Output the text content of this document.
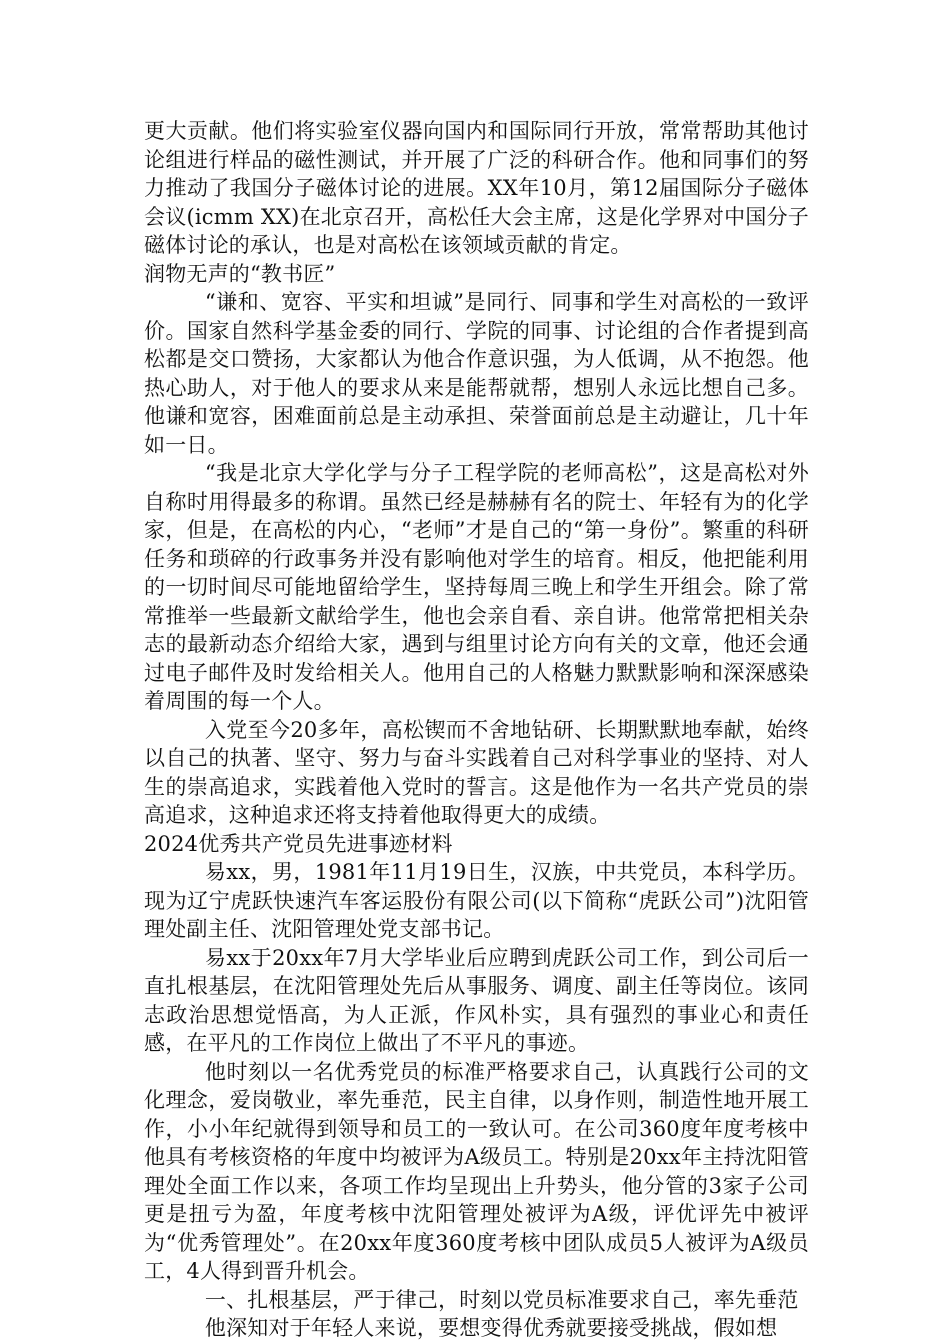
更大贡献。他们将实验室仪器向国内和国际同行开放，常常帮助其他讨论组进行样品的磁性测试，并开展了广泛的科研合作。他和同事们的努力推动了我国分子磁体讨论的进展。XX年10月，第12届国际分子磁体会议(icmm XX)在北京召开，高松任大会主席，这是化学界对中国分子磁体讨论的承认，也是对高松在该领域贡献的肯定。

润物无声的“教书匠”

“谦和、宽容、平实和坦诚”是同行、同事和学生对高松的一致评价。国家自然科学基金委的同行、学院的同事、讨论组的合作者提到高松都是交口赞扬，大家都认为他合作意识强，为人低调，从不抱怨。他热心助人，对于他人的要求从来是能帮就帮，想别人永远比想自己多。他谦和宽容，困难面前总是主动承担、荣誉面前总是主动避让，几十年如一日。

“我是北京大学化学与分子工程学院的老师高松”，这是高松对外自称时用得最多的称谓。虽然已经是赫赫有名的院士、年轻有为的化学家，但是，在高松的内心，“老师”才是自己的“第一身份”。繁重的科研任务和琐碎的行政事务并没有影响他对学生的培育。相反，他把能利用的一切时间尽可能地留给学生，坚持每周三晚上和学生开组会。除了常常推举一些最新文献给学生，他也会亲自看、亲自讲。他常常把相关杂志的最新动态介绍给大家，遇到与组里讨论方向有关的文章，他还会通过电子邮件及时发给相关人。他用自己的人格魅力默默影响和深深感染着周围的每一个人。

入党至今20多年，高松锲而不舍地钻研、长期默默地奉献，始终以自己的执著、坚守、努力与奋斗实践着自己对科学事业的坚持、对人生的崇高追求，实践着他入党时的誓言。这是他作为一名共产党员的崇高追求，这种追求还将支持着他取得更大的成绩。

2024优秀共产党员先进事迹材料

易xx，男，1981年11月19日生，汉族，中共党员，本科学历。现为辽宁虎跃快速汽车客运股份有限公司(以下简称“虎跃公司”)沈阳管理处副主任、沈阳管理处党支部书记。

易xx于20xx年7月大学毕业后应聘到虎跃公司工作，到公司后一直扎根基层，在沈阳管理处先后从事服务、调度、副主任等岗位。该同志政治思想觉悟高，为人正派，作风朴实，具有强烈的事业心和责任感，在平凡的工作岗位上做出了不平凡的事迹。

他时刻以一名优秀党员的标准严格要求自己，认真践行公司的文化理念，爱岗敬业，率先垂范，民主自律，以身作则，制造性地开展工作，小小年纪就得到领导和员工的一致认可。在公司360度年度考核中他具有考核资格的年度中均被评为A级员工。特别是20xx年主持沈阳管理处全面工作以来，各项工作均呈现出上升势头，他分管的3家子公司更是扭亏为盈，年度考核中沈阳管理处被评为A级，评优评先中被评为“优秀管理处”。在20xx年度360度考核中团队成员5人被评为A级员工，4人得到晋升机会。

一、扎根基层，严于律己，时刻以党员标准要求自己，率先垂范

他深知对于年轻人来说，要想变得优秀就要接受挑战，假如想
